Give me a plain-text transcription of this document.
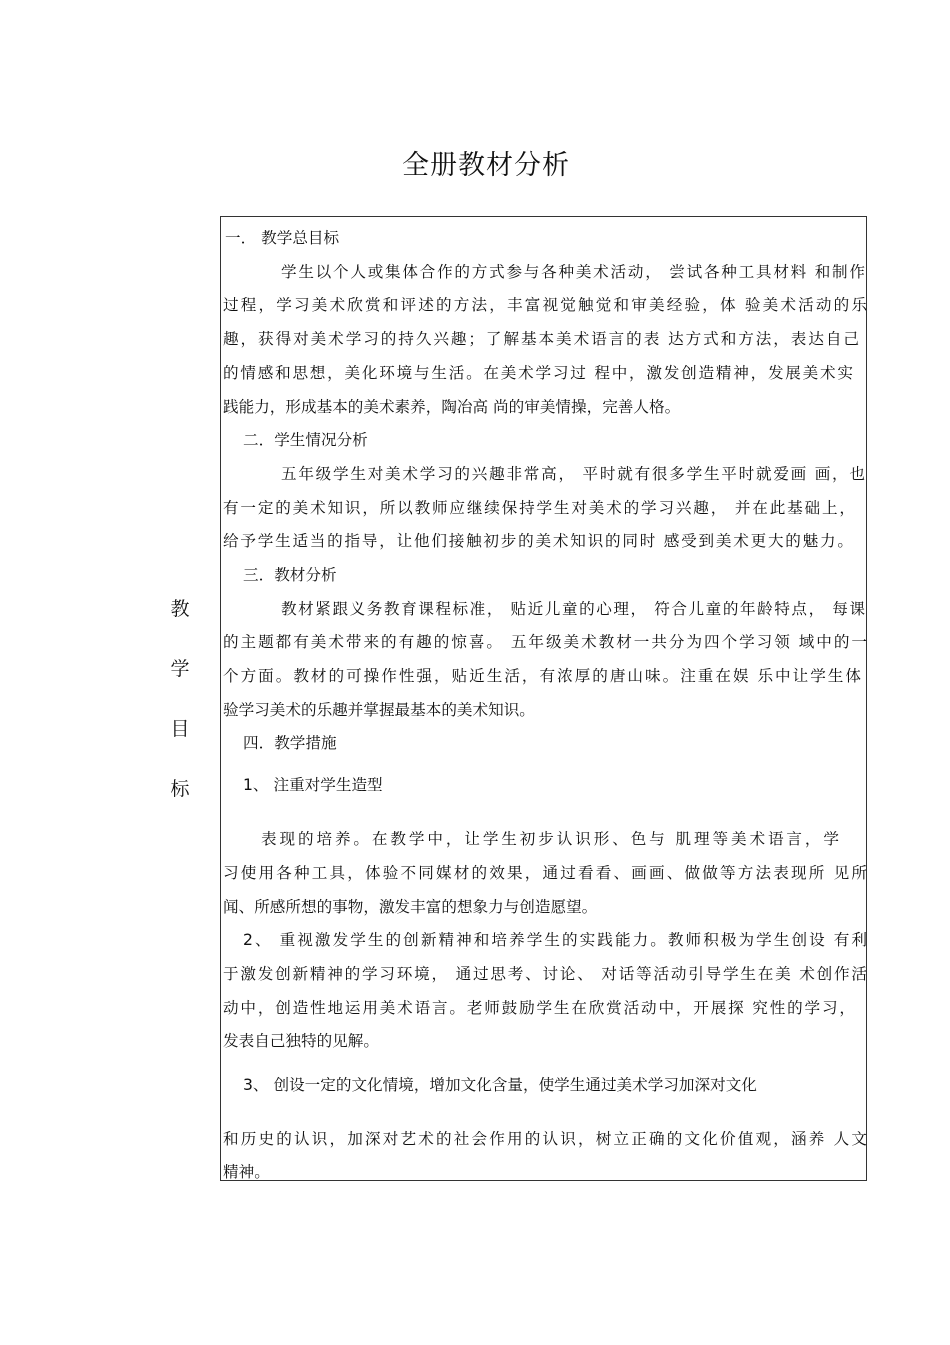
全册教材分析
教
学
目
标
一． 教学总目标
学生以个人或集体合作的方式参与各种美术活动， 尝试各种工具材料 和制作
过程，学习美术欣赏和评述的方法，丰富视觉触觉和审美经验，体 验美术活动的乐
趣，获得对美术学习的持久兴趣；了解基本美术语言的表 达方式和方法，表达自己
的情感和思想，美化环境与生活。在美术学习过 程中，激发创造精神，发展美术实
践能力，形成基本的美术素养，陶冶高 尚的审美情操，完善人格。
二．学生情况分析
五年级学生对美术学习的兴趣非常高， 平时就有很多学生平时就爱画 画，也
有一定的美术知识，所以教师应继续保持学生对美术的学习兴趣， 并在此基础上，
给予学生适当的指导，让他们接触初步的美术知识的同时 感受到美术更大的魅力。
三．教材分析
教材紧跟义务教育课程标准， 贴近儿童的心理， 符合儿童的年龄特点， 每课
的主题都有美术带来的有趣的惊喜。 五年级美术教材一共分为四个学习领 域中的一
个方面。教材的可操作性强，贴近生活，有浓厚的唐山味。注重在娱 乐中让学生体
验学习美术的乐趣并掌握最基本的美术知识。
四．教学措施
1、 注重对学生造型
表现的培养。在教学中，让学生初步认识形、色与 肌理等美术语言，学
习使用各种工具，体验不同媒材的效果，通过看看、画画、做做等方法表现所 见所
闻、所感所想的事物，激发丰富的想象力与创造愿望。
2、 重视激发学生的创新精神和培养学生的实践能力。教师积极为学生创设 有利
于激发创新精神的学习环境， 通过思考、讨论、 对话等活动引导学生在美 术创作活
动中，创造性地运用美术语言。老师鼓励学生在欣赏活动中，开展探 究性的学习，
发表自己独特的见解。
3、 创设一定的文化情境，增加文化含量，使学生通过美术学习加深对文化
和历史的认识，加深对艺术的社会作用的认识，树立正确的文化价值观，涵养 人文
精神。
